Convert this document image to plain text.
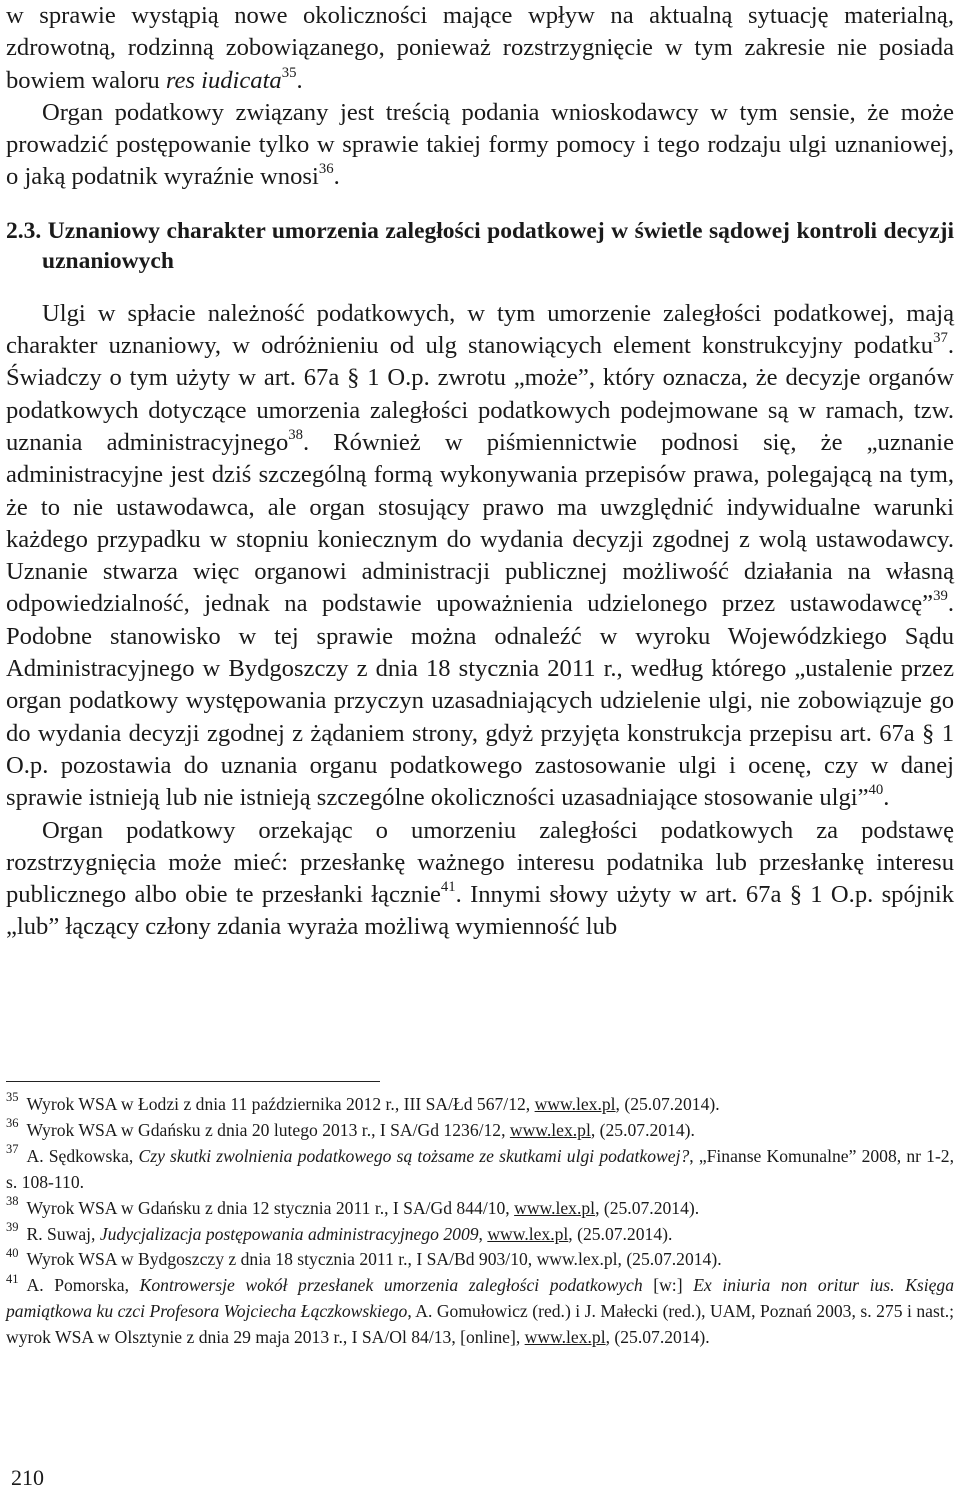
w sprawie wystąpią nowe okoliczności mające wpływ na aktualną sytuację materialną, zdrowotną, rodzinną zobowiązanego, ponieważ rozstrzygnięcie w tym zakresie nie posiada bowiem waloru res iudicata$^{35}$.

Organ podatkowy związany jest treścią podania wnioskodawcy w tym sensie, że może prowadzić postępowanie tylko w sprawie takiej formy pomocy i tego rodzaju ulgi uznaniowej, o jaką podatnik wyraźnie wnosi$^{36}$.

2.3. Uznaniowy charakter umorzenia zaległości podatkowej w świetle sądowej kontroli decyzji uznaniowych

Ulgi w spłacie należność podatkowych, w tym umorzenie zaległości podatkowej, mają charakter uznaniowy, w odróżnieniu od ulg stanowiących element konstrukcyjny podatku$^{37}$. Świadczy o tym użyty w art. 67a § 1 O.p. zwrotu „może”, który oznacza, że decyzje organów podatkowych dotyczące umorzenia zaległości podatkowych podejmowane są w ramach, tzw. uznania administracyjnego$^{38}$. Również w piśmiennictwie podnosi się, że „uznanie administracyjne jest dziś szczególną formą wykonywania przepisów prawa, polegającą na tym, że to nie ustawodawca, ale organ stosujący prawo ma uwzględnić indywidualne warunki każdego przypadku w stopniu koniecznym do wydania decyzji zgodnej z wolą ustawodawcy. Uznanie stwarza więc organowi administracji publicznej możliwość działania na własną odpowiedzialność, jednak na podstawie upoważnienia udzielonego przez ustawodawcę”$^{39}$. Podobne stanowisko w tej sprawie można odnaleźć w wyroku Wojewódzkiego Sądu Administracyjnego w Bydgoszczy z dnia 18 stycznia 2011 r., według którego „ustalenie przez organ podatkowy występowania przyczyn uzasadniających udzielenie ulgi, nie zobowiązuje go do wydania decyzji zgodnej z żądaniem strony, gdyż przyjęta konstrukcja przepisu art. 67a § 1 O.p. pozostawia do uznania organu podatkowego zastosowanie ulgi i ocenę, czy w danej sprawie istnieją lub nie istnieją szczególne okoliczności uzasadniające stosowanie ulgi”$^{40}$.

Organ podatkowy orzekając o umorzeniu zaległości podatkowych za podstawę rozstrzygnięcia może mieć: przesłankę ważnego interesu podatnika lub przesłankę interesu publicznego albo obie te przesłanki łącznie$^{41}$. Innymi słowy użyty w art. 67a § 1 O.p. spójnik „lub” łączący człony zdania wyraża możliwą wymienność lub

$^{35}$ Wyrok WSA w Łodzi z dnia 11 października 2012 r., III SA/Łd 567/12, www.lex.pl, (25.07.2014).

$^{36}$ Wyrok WSA w Gdańsku z dnia 20 lutego 2013 r., I SA/Gd 1236/12, www.lex.pl, (25.07.2014).

$^{37}$ A. Sędkowska, Czy skutki zwolnienia podatkowego są tożsame ze skutkami ulgi podatkowej?, „Finanse Komunalne” 2008, nr 1-2, s. 108-110.

$^{38}$ Wyrok WSA w Gdańsku z dnia 12 stycznia 2011 r., I SA/Gd 844/10, www.lex.pl, (25.07.2014).

$^{39}$ R. Suwaj, Judycjalizacja postępowania administracyjnego 2009, www.lex.pl, (25.07.2014).

$^{40}$ Wyrok WSA w Bydgoszczy z dnia 18 stycznia 2011 r., I SA/Bd 903/10, www.lex.pl, (25.07.2014).

$^{41}$ A. Pomorska, Kontrowersje wokół przesłanek umorzenia zaległości podatkowych [w:] Ex iniuria non oritur ius. Księga pamiątkowa ku czci Profesora Wojciecha Łączkowskiego, A. Gomułowicz (red.) i J. Małecki (red.), UAM, Poznań 2003, s. 275 i nast.; wyrok WSA w Olsztynie z dnia 29 maja 2013 r., I SA/Ol 84/13, [online], www.lex.pl, (25.07.2014).

210
